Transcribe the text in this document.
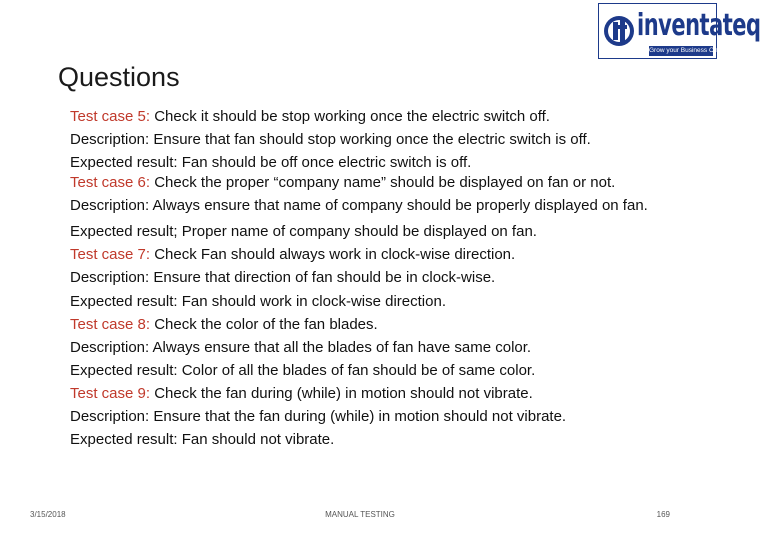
inventateq
Grow your Business Online
Questions
Test case 5: Check it should be stop working once the electric switch off.
Description: Ensure that fan should stop working once the electric switch is off.
Expected result: Fan should be off once electric switch is off.
Test case 6: Check the proper “company name” should be displayed on fan or not.
Description: Always ensure that name of company should be properly displayed on fan.
Expected result; Proper name of company should be displayed on fan.
Test case 7: Check Fan should always work in clock-wise direction.
Description: Ensure that direction of fan should be in clock-wise.
Expected result: Fan should work in clock-wise direction.
Test case 8: Check the color of the fan blades.
Description: Always ensure that all the blades of fan have same color.
Expected result: Color of all the blades of fan should be of same color.
Test case 9: Check the fan during (while) in motion should not vibrate.
Description: Ensure that the fan during (while) in motion should not vibrate.
Expected result: Fan should not vibrate.
3/15/2018	MANUAL TESTING	169
